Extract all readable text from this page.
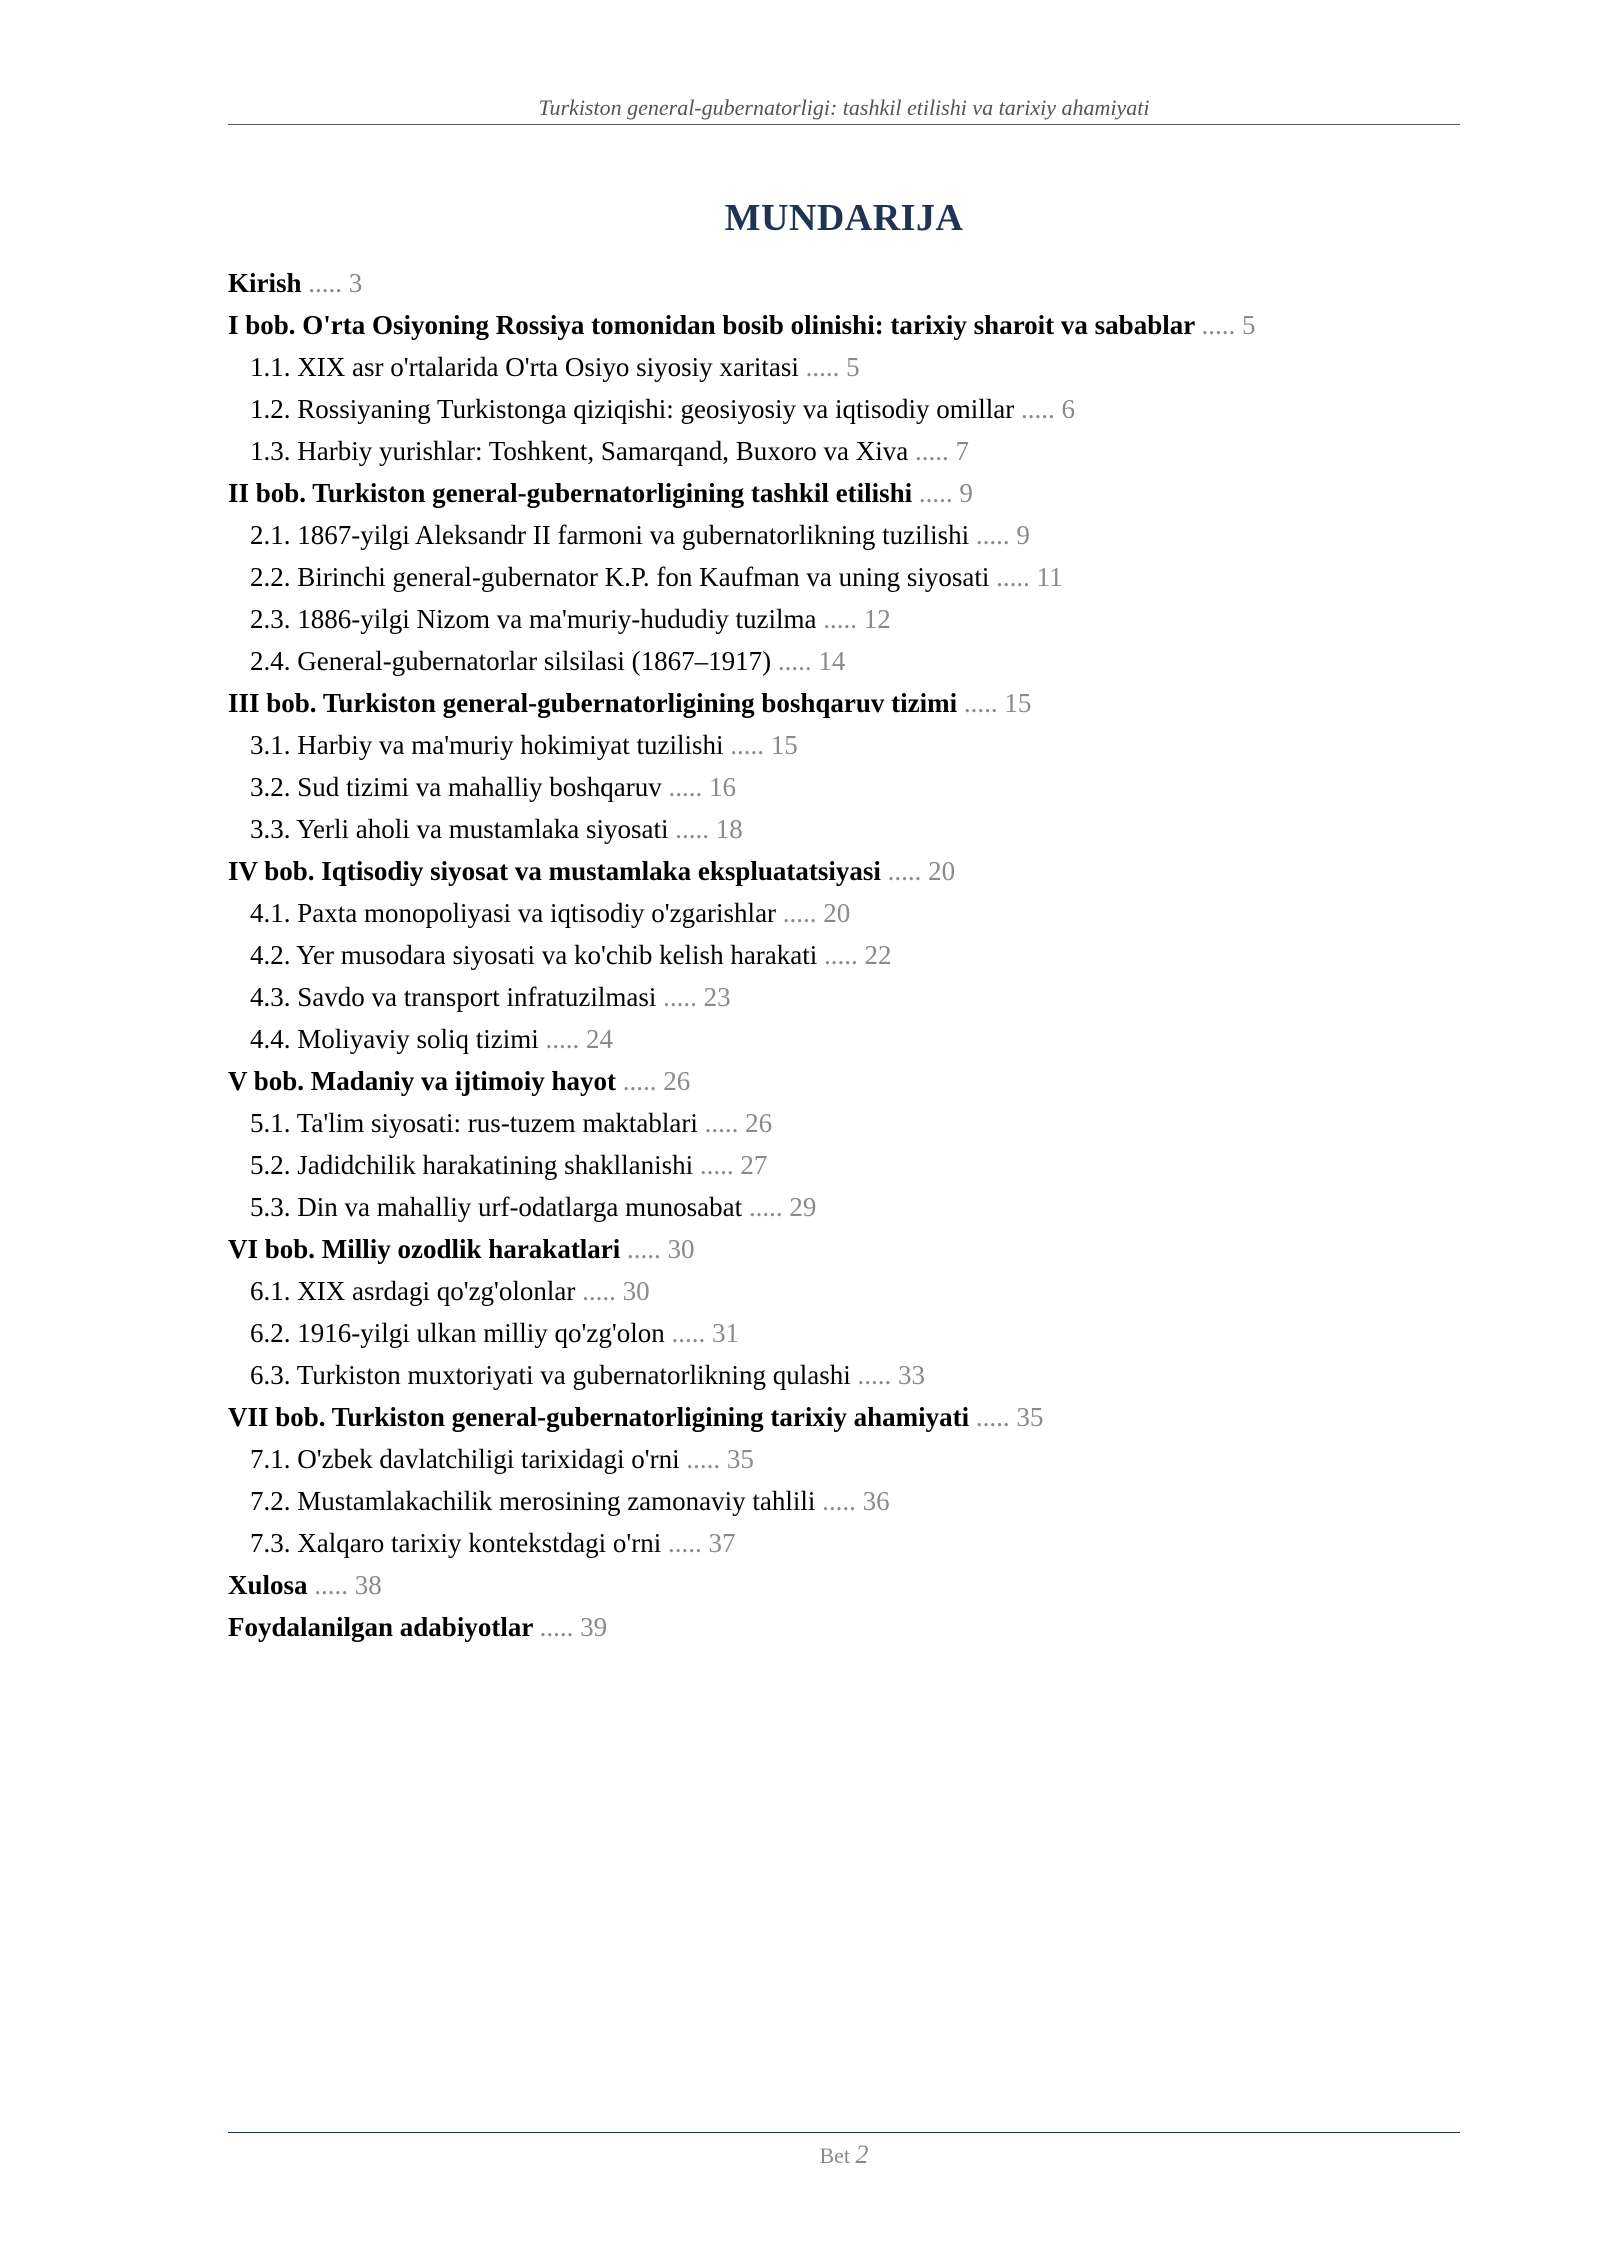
Turkiston general-gubernatorligi: tashkil etilishi va tarixiy ahamiyati
MUNDARIJA
Kirish ..... 3
I bob. O'rta Osiyoning Rossiya tomonidan bosib olinishi: tarixiy sharoit va sabablar ..... 5
1.1. XIX asr o'rtalarida O'rta Osiyo siyosiy xaritasi ..... 5
1.2. Rossiyaning Turkistonga qiziqishi: geosiyosiy va iqtisodiy omillar ..... 6
1.3. Harbiy yurishlar: Toshkent, Samarqand, Buxoro va Xiva ..... 7
II bob. Turkiston general-gubernatorligining tashkil etilishi ..... 9
2.1. 1867-yilgi Aleksandr II farmoni va gubernatorlikning tuzilishi ..... 9
2.2. Birinchi general-gubernator K.P. fon Kaufman va uning siyosati ..... 11
2.3. 1886-yilgi Nizom va ma'muriy-hududiy tuzilma ..... 12
2.4. General-gubernatorlar silsilasi (1867–1917) ..... 14
III bob. Turkiston general-gubernatorligining boshqaruv tizimi ..... 15
3.1. Harbiy va ma'muriy hokimiyat tuzilishi ..... 15
3.2. Sud tizimi va mahalliy boshqaruv ..... 16
3.3. Yerli aholi va mustamlaka siyosati ..... 18
IV bob. Iqtisodiy siyosat va mustamlaka ekspluatatsiyasi ..... 20
4.1. Paxta monopoliyasi va iqtisodiy o'zgarishlar ..... 20
4.2. Yer musodara siyosati va ko'chib kelish harakati ..... 22
4.3. Savdo va transport infratuzilmasi ..... 23
4.4. Moliyaviy soliq tizimi ..... 24
V bob. Madaniy va ijtimoiy hayot ..... 26
5.1. Ta'lim siyosati: rus-tuzem maktablari ..... 26
5.2. Jadidchilik harakatining shakllanishi ..... 27
5.3. Din va mahalliy urf-odatlarga munosabat ..... 29
VI bob. Milliy ozodlik harakatlari ..... 30
6.1. XIX asrdagi qo'zg'olonlar ..... 30
6.2. 1916-yilgi ulkan milliy qo'zg'olon ..... 31
6.3. Turkiston muxtoriyati va gubernatorlikning qulashi ..... 33
VII bob. Turkiston general-gubernatorligining tarixiy ahamiyati ..... 35
7.1. O'zbek davlatchiligi tarixidagi o'rni ..... 35
7.2. Mustamlakachilik merosining zamonaviy tahlili ..... 36
7.3. Xalqaro tarixiy kontekstdagi o'rni ..... 37
Xulosa ..... 38
Foydalanilgan adabiyotlar ..... 39
Bet 2
